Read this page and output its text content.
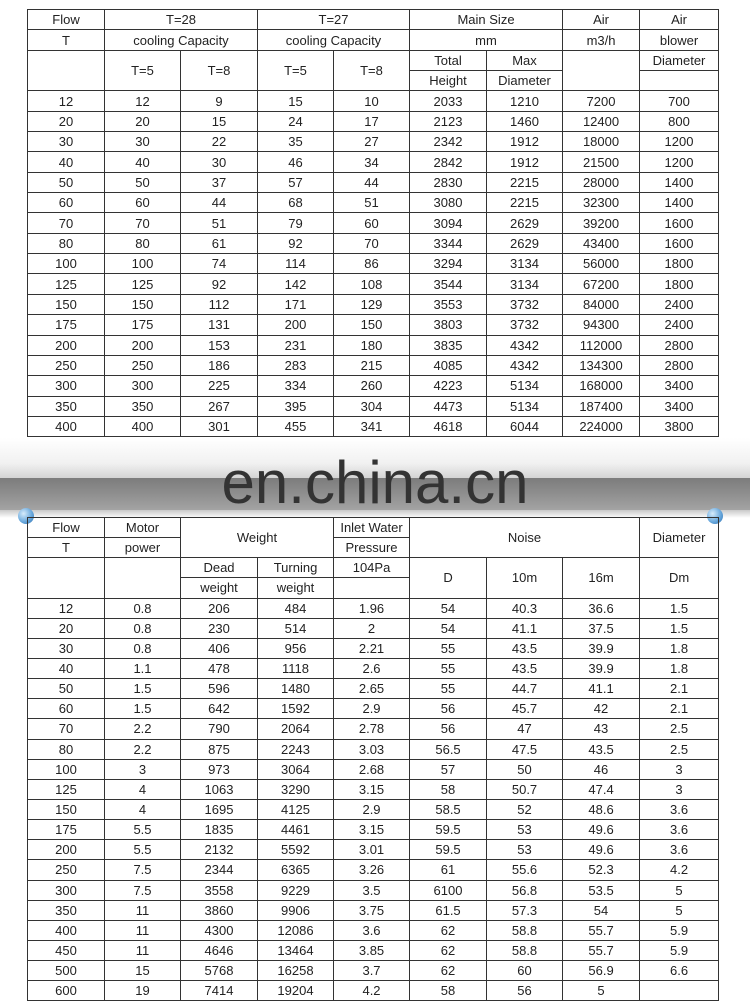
Flow	T=28		T=27		Main Size		Air	Air
T	cooling Capacity		cooling Capacity		mm		m3/h	blower
	T=5	T=8	T=5	T=8	Total	Max		Diameter
					Height	Diameter		
12	12	9	15	10	2033	1210	7200	700
20	20	15	24	17	2123	1460	12400	800
30	30	22	35	27	2342	1912	18000	1200
40	40	30	46	34	2842	1912	21500	1200
50	50	37	57	44	2830	2215	28000	1400
60	60	44	68	51	3080	2215	32300	1400
70	70	51	79	60	3094	2629	39200	1600
80	80	61	92	70	3344	2629	43400	1600
100	100	74	114	86	3294	3134	56000	1800
125	125	92	142	108	3544	3134	67200	1800
150	150	112	171	129	3553	3732	84000	2400
175	175	131	200	150	3803	3732	94300	2400
200	200	153	231	180	3835	4342	112000	2800
250	250	186	283	215	4085	4342	134300	2800
300	300	225	334	260	4223	5134	168000	3400
350	350	267	395	304	4473	5134	187400	3400
400	400	301	455	341	4618	6044	224000	3800
en.china.cn
Flow	Motor	Weight		Inlet Water	Noise			Diameter
T	power			Pressure				
		Dead	Turning	104Pa	D	10m	16m	Dm
		weight	weight					
12	0.8	206	484	1.96	54	40.3	36.6	1.5
20	0.8	230	514	2	54	41.1	37.5	1.5
30	0.8	406	956	2.21	55	43.5	39.9	1.8
40	1.1	478	1118	2.6	55	43.5	39.9	1.8
50	1.5	596	1480	2.65	55	44.7	41.1	2.1
60	1.5	642	1592	2.9	56	45.7	42	2.1
70	2.2	790	2064	2.78	56	47	43	2.5
80	2.2	875	2243	3.03	56.5	47.5	43.5	2.5
100	3	973	3064	2.68	57	50	46	3
125	4	1063	3290	3.15	58	50.7	47.4	3
150	4	1695	4125	2.9	58.5	52	48.6	3.6
175	5.5	1835	4461	3.15	59.5	53	49.6	3.6
200	5.5	2132	5592	3.01	59.5	53	49.6	3.6
250	7.5	2344	6365	3.26	61	55.6	52.3	4.2
300	7.5	3558	9229	3.5	6100	56.8	53.5	5
350	11	3860	9906	3.75	61.5	57.3	54	5
400	11	4300	12086	3.6	62	58.8	55.7	5.9
450	11	4646	13464	3.85	62	58.8	55.7	5.9
500	15	5768	16258	3.7	62	60	56.9	6.6
600	19	7414	19204	4.2	58	56	5	
